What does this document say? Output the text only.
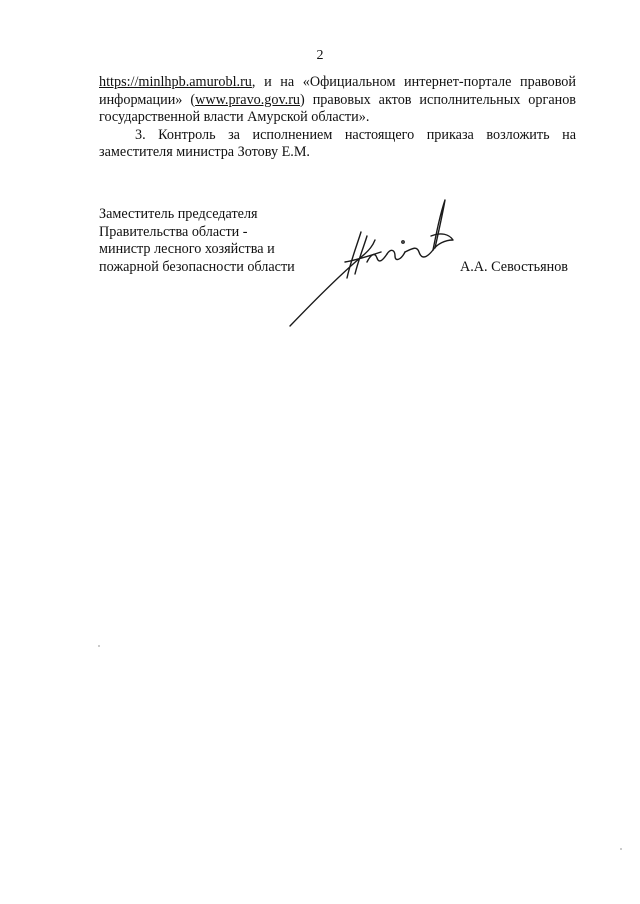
2

https://minlhpb.amurobl.ru, и на «Официальном интернет-портале правовой информации» (www.pravo.gov.ru) правовых актов исполнительных органов государственной власти Амурской области».

3. Контроль за исполнением настоящего приказа возложить на заместителя министра Зотову Е.М.

Заместитель председателя
Правительства области -
министр лесного хозяйства и
пожарной безопасности области	А.А. Севостьянов
